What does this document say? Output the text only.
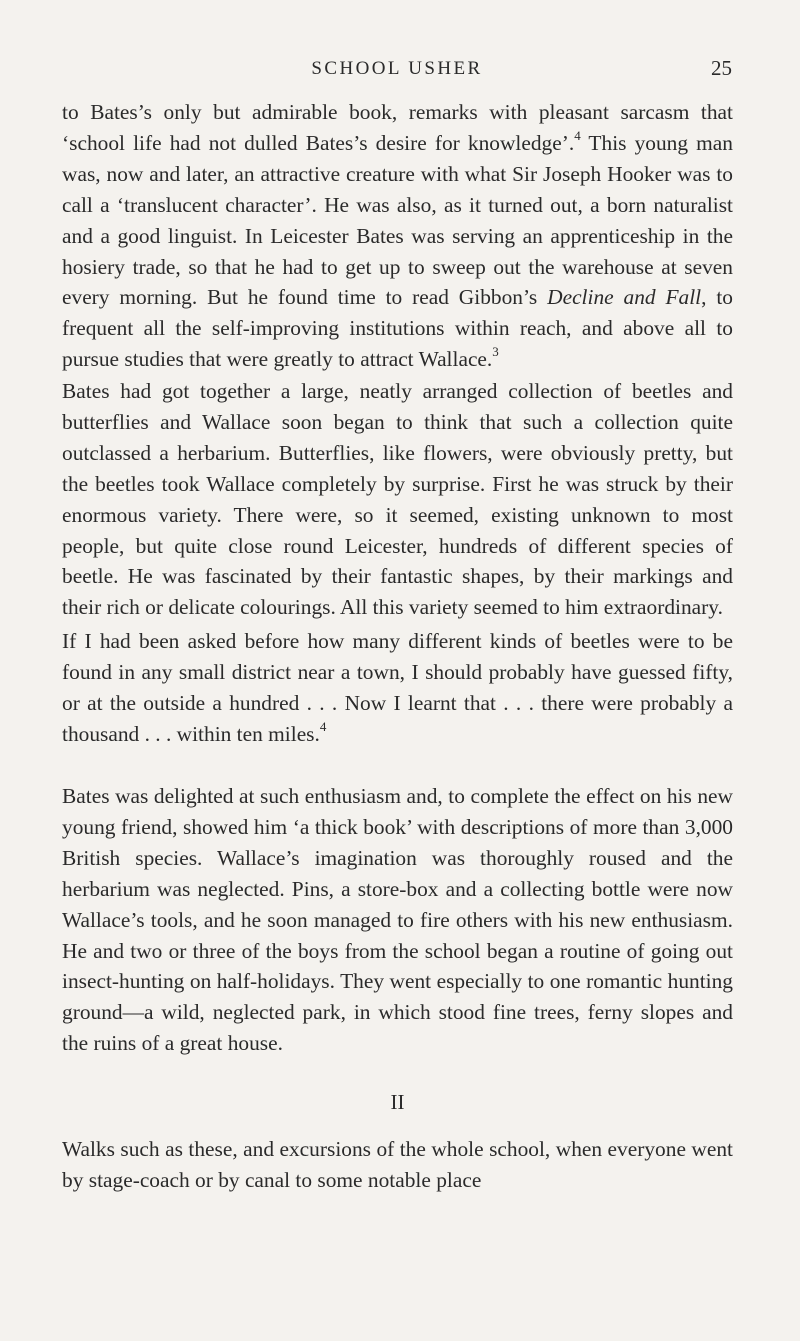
SCHOOL USHER	25

to Bates’s only but admirable book, remarks with pleasant sarcasm that ‘school life had not dulled Bates’s desire for knowledge’.$^4$ This young man was, now and later, an attractive creature with what Sir Joseph Hooker was to call a ‘translucent character’. He was also, as it turned out, a born naturalist and a good linguist. In Leicester Bates was serving an apprenticeship in the hosiery trade, so that he had to get up to sweep out the warehouse at seven every morning. But he found time to read Gibbon’s Decline and Fall, to frequent all the self-improving institutions within reach, and above all to pursue studies that were greatly to attract Wallace.$^3$

Bates had got together a large, neatly arranged collection of beetles and butterflies and Wallace soon began to think that such a collection quite outclassed a herbarium. Butterflies, like flowers, were obviously pretty, but the beetles took Wallace completely by surprise. First he was struck by their enormous variety. There were, so it seemed, existing unknown to most people, but quite close round Leicester, hundreds of different species of beetle. He was fascinated by their fantastic shapes, by their markings and their rich or delicate colourings. All this variety seemed to him extraordinary.

If I had been asked before how many different kinds of beetles were to be found in any small district near a town, I should probably have guessed fifty, or at the outside a hundred . . . Now I learnt that . . . there were probably a thousand . . . within ten miles.$^4$

Bates was delighted at such enthusiasm and, to complete the effect on his new young friend, showed him ‘a thick book’ with descriptions of more than 3,000 British species. Wallace’s imagination was thoroughly roused and the herbarium was neglected. Pins, a store-box and a collecting bottle were now Wallace’s tools, and he soon managed to fire others with his new enthusiasm. He and two or three of the boys from the school began a routine of going out insect-hunting on half-holidays. They went especially to one romantic hunting ground—a wild, neglected park, in which stood fine trees, ferny slopes and the ruins of a great house.

II

Walks such as these, and excursions of the whole school, when everyone went by stage-coach or by canal to some notable place
